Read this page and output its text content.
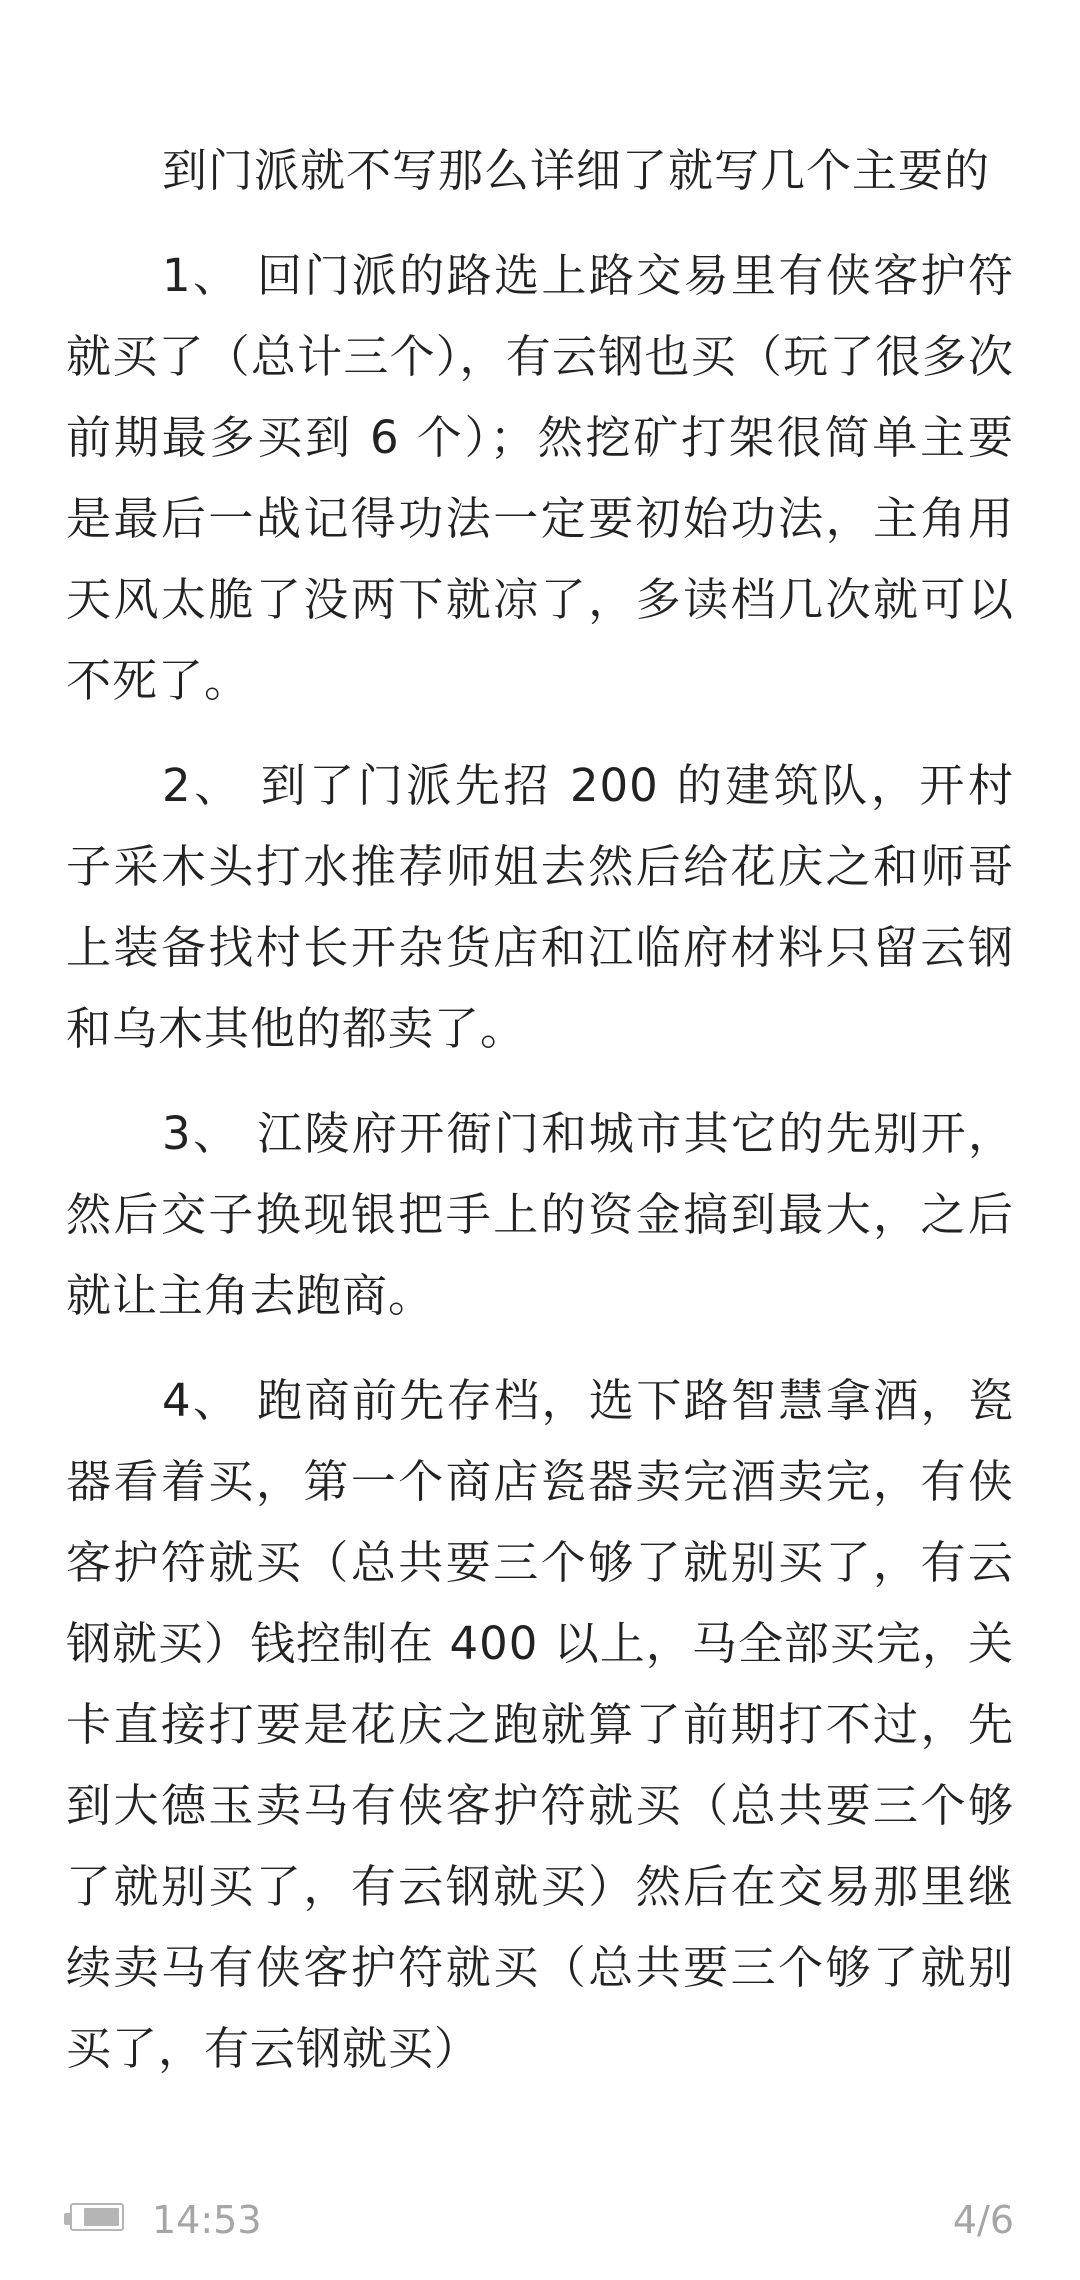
到门派就不写那么详细了就写几个主要的

1、 回门派的路选上路交易里有侠客护符就买了（总计三个），有云钢也买（玩了很多次前期最多买到 6 个）；然挖矿打架很简单主要是最后一战记得功法一定要初始功法，主角用天风太脆了没两下就凉了，多读档几次就可以不死了。

2、 到了门派先招 200 的建筑队，开村子采木头打水推荐师姐去然后给花庆之和师哥上装备找村长开杂货店和江临府材料只留云钢和乌木其他的都卖了。

3、 江陵府开衙门和城市其它的先别开，然后交子换现银把手上的资金搞到最大，之后就让主角去跑商。

4、 跑商前先存档，选下路智慧拿酒，瓷器看着买，第一个商店瓷器卖完酒卖完，有侠客护符就买（总共要三个够了就别买了，有云钢就买）钱控制在 400 以上，马全部买完，关卡直接打要是花庆之跑就算了前期打不过，先到大德玉卖马有侠客护符就买（总共要三个够了就别买了，有云钢就买）然后在交易那里继续卖马有侠客护符就买（总共要三个够了就别买了，有云钢就买）

14:53	4/6
